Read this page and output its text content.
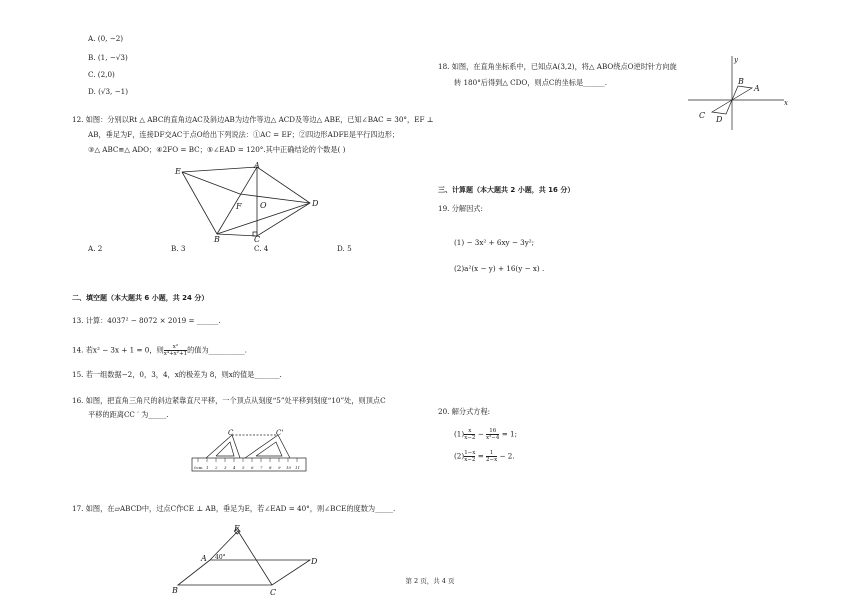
A. (0, −2)
B. (1, −√3)
C. (2,0)
D. (√3, −1)
12. 如图：分别以Rt △ ABC的直角边AC及斜边AB为边作等边△ ACD及等边△ ABE，已知∠BAC = 30°，EF ⊥
AB，垂足为F，连接DF交AC于点O给出下列说法：①AC = EF；②四边形ADFE是平行四边形；
③△ ABC≌△ ADO；④2FO = BC；⑤∠EAD = 120°.其中正确结论的个数是( )
E
A
F O	D
B	C
A. 2	B. 3	C. 4	D. 5
二、填空题（本大题共 6 小题，共 24 分）
13. 计算：4037² − 8072 × 2019 = ______.
14. 若x² − 3x + 1 = 0，则 $\frac{\text{x²}}{\text{x⁴+x²+1}}$ 的值为__________.
15. 若一组数据−2，0，3，4，x的极差为 8，则x的值是_______.
16. 如图，把直角三角尺的斜边紧靠直尺平移，一个顶点从刻度“5”处平移到刻度“10”处，则顶点C
平移的距离CC ′ 为_____.
C	C'
0cm 1 2 3 4 5 6 7 8 9 10 11
17. 如图，在▱ABCD中，过点C作CE ⊥ AB，垂足为E，若∠EAD = 40°，则∠BCE的度数为_____.
E
A 40°	D
B	C
18. 如图，在直角坐标系中，已知点A(3,2)，将△ ABO绕点O逆时针方向旋
转 180°后得到△ CDO，则点C的坐标是______.
y
x
A
B
C D
三、计算题（本大题共 2 小题，共 16 分）
19. 分解因式:
(1) − 3x² + 6xy − 3y²;
(2)a²(x − y) + 16(y − x) .
20. 解分式方程:
$(1) \frac{x}{x-2} - \frac{16}{\text{x²−4}} = 1$;
$(2) \frac{1-x}{x-2} = \frac{1}{2-x} - 2$.
第 2 页，共 4 页
